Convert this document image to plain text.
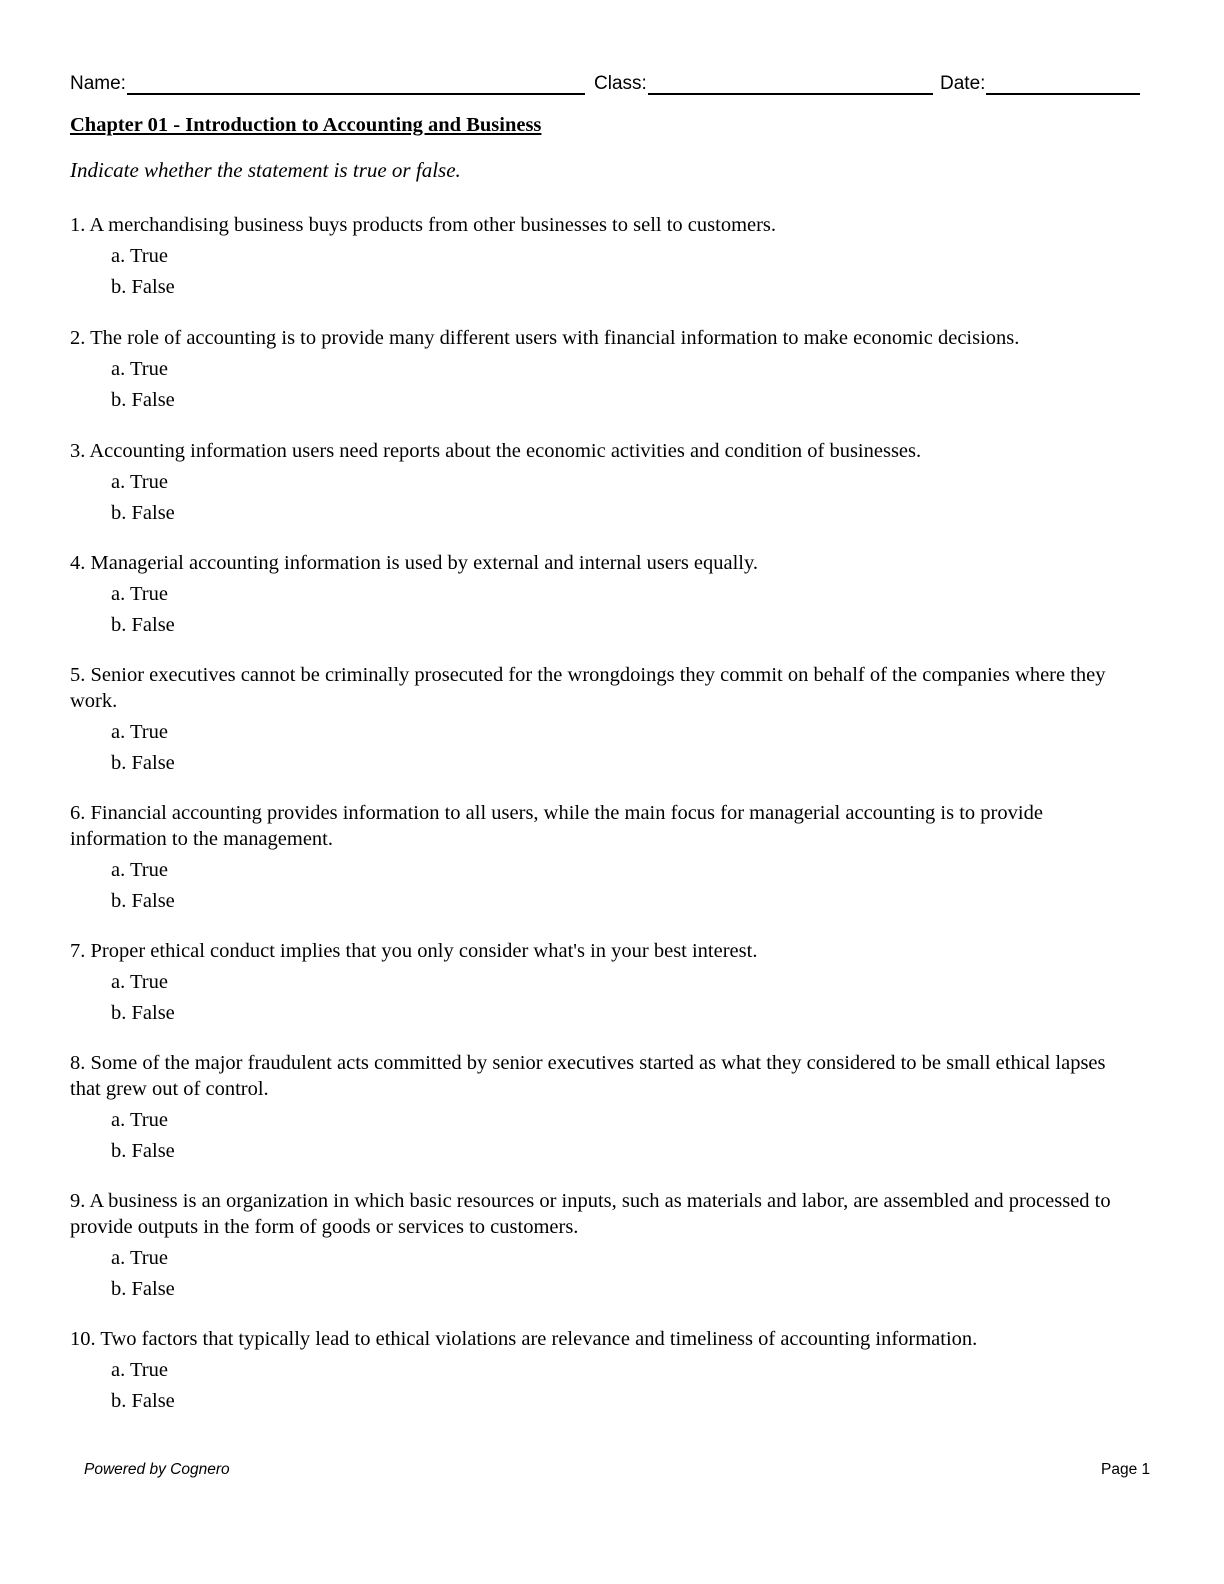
Name:	Class:	Date:
Chapter 01 - Introduction to Accounting and Business
Indicate whether the statement is true or false.

1. A merchandising business buys products from other businesses to sell to customers.

a. True
b. False

2. The role of accounting is to provide many different users with financial information to make economic decisions.

a. True
b. False

3. Accounting information users need reports about the economic activities and condition of businesses.

a. True
b. False

4. Managerial accounting information is used by external and internal users equally.

a. True
b. False

5. Senior executives cannot be criminally prosecuted for the wrongdoings they commit on behalf of the companies where they work.

a. True
b. False

6. Financial accounting provides information to all users, while the main focus for managerial accounting is to provide information to the management.

a. True
b. False

7. Proper ethical conduct implies that you only consider what's in your best interest.

a. True
b. False

8. Some of the major fraudulent acts committed by senior executives started as what they considered to be small ethical lapses that grew out of control.

a. True
b. False

9. A business is an organization in which basic resources or inputs, such as materials and labor, are assembled and processed to provide outputs in the form of goods or services to customers.

a. True
b. False

10. Two factors that typically lead to ethical violations are relevance and timeliness of accounting information.

a. True
b. False
Powered by Cognero	Page 1
